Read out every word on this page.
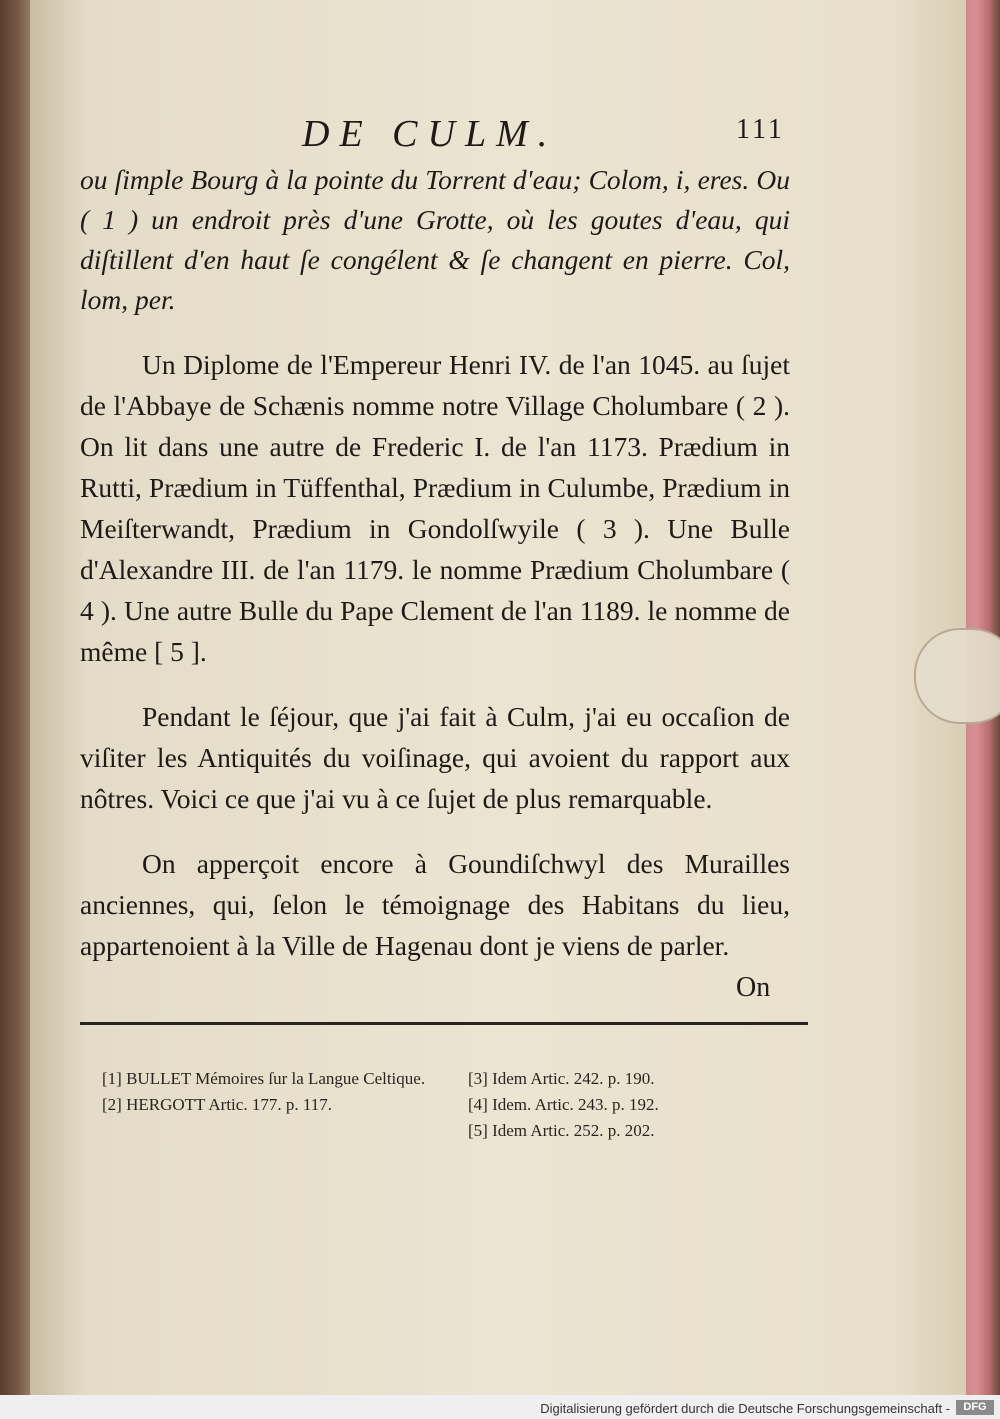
DE CULM.	111

ou ſimple Bourg à la pointe du Torrent d'eau; Colom, i, eres. Ou ( 1 ) un endroit près d'une Grotte, où les goutes d'eau, qui diſtillent d'en haut ſe congélent & ſe changent en pierre. Col, lom, per.

Un Diplome de l'Empereur Henri IV. de l'an 1045. au ſujet de l'Abbaye de Schænis nomme notre Village Cholumbare ( 2 ). On lit dans une autre de Frederic I. de l'an 1173. Prædium in Rutti, Prædium in Tüffenthal, Prædium in Culumbe, Prædium in Meiſterwandt, Prædium in Gondolſwyile ( 3 ). Une Bulle d'Alexandre III. de l'an 1179. le nomme Prædium Cholumbare ( 4 ). Une autre Bulle du Pape Clement de l'an 1189. le nomme de même [ 5 ].

Pendant le ſéjour, que j'ai fait à Culm, j'ai eu occaſion de viſiter les Antiquités du voiſinage, qui avoient du rapport aux nôtres. Voici ce que j'ai vu à ce ſujet de plus remarquable.

On apperçoit encore à Goundiſchwyl des Murailles anciennes, qui, ſelon le témoignage des Habitans du lieu, appartenoient à la Ville de Hagenau dont je viens de parler.

On

[1] BULLET Mémoires ſur la Langue Celtique.

[2] HERGOTT Artic. 177. p. 117.

[3] Idem Artic. 242. p. 190.

[4] Idem. Artic. 243. p. 192.

[5] Idem Artic. 252. p. 202.

Digitalisierung gefördert durch die Deutsche Forschungsgemeinschaft -	DFG
